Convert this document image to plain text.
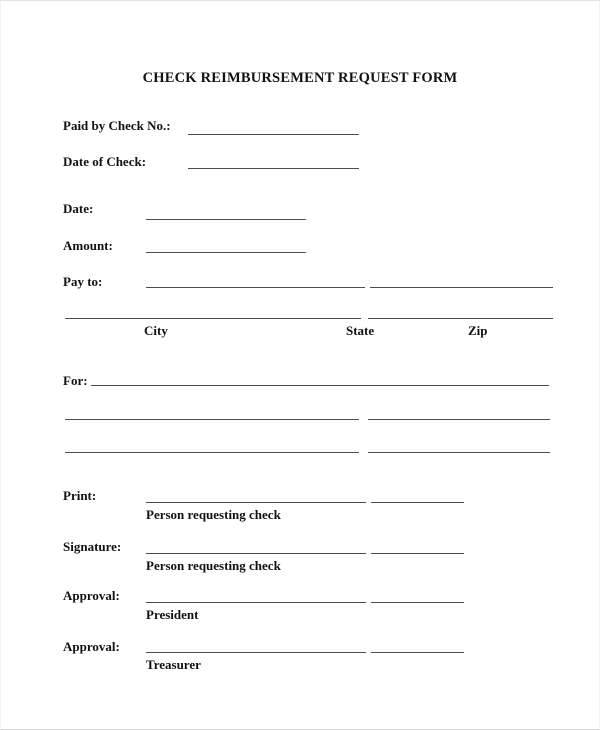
CHECK REIMBURSEMENT REQUEST FORM
Paid by Check No.:
Date of Check:
Date:
Amount:
Pay to:
City	State	Zip
For:
Print:
Person requesting check
Signature:
Person requesting check
Approval:
President
Approval:
Treasurer
